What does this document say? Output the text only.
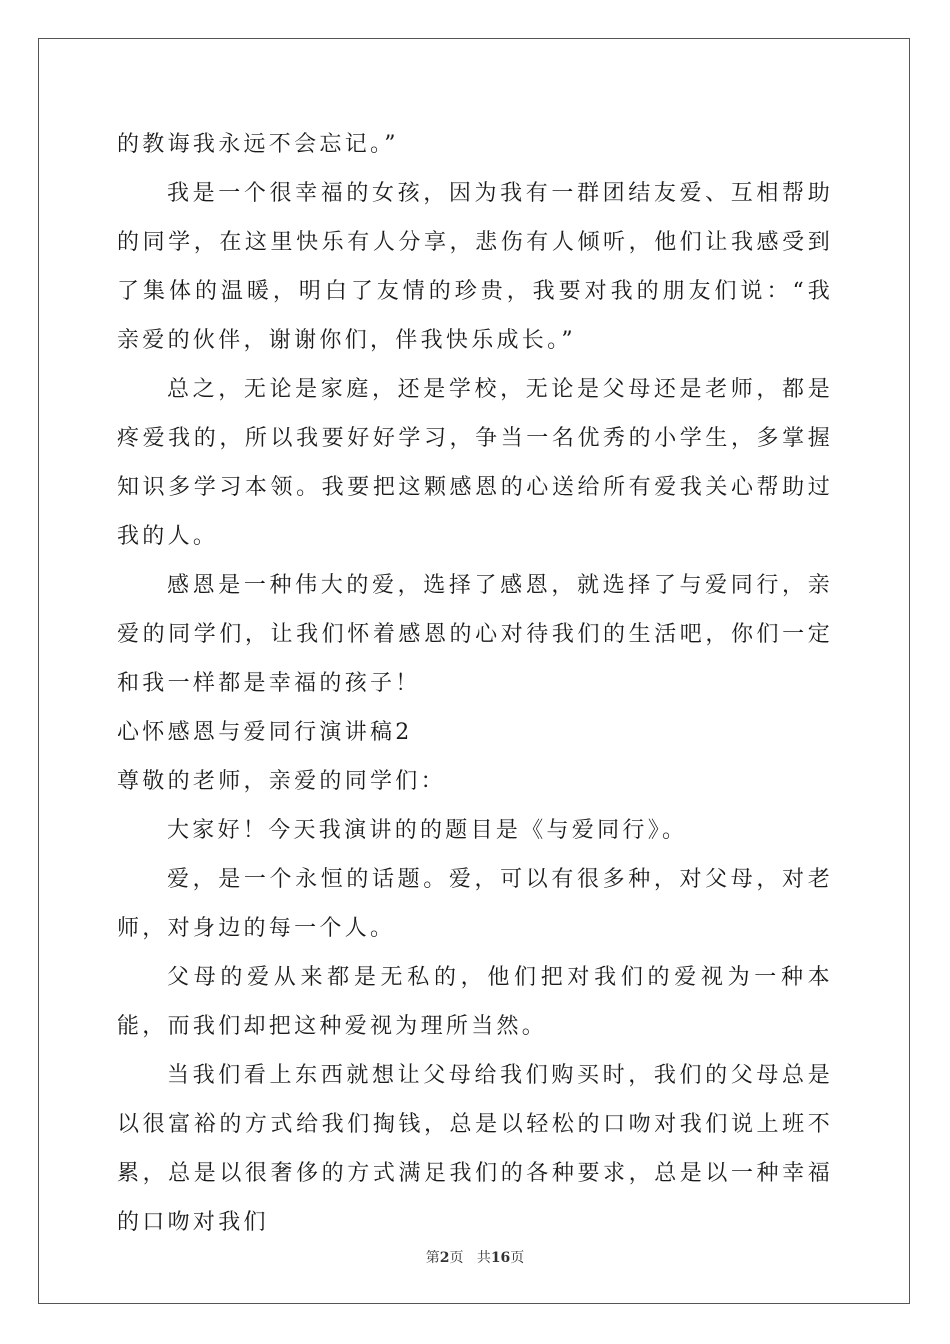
的教诲我永远不会忘记。”

我是一个很幸福的女孩，因为我有一群团结友爱、互相帮助的同学，在这里快乐有人分享，悲伤有人倾听，他们让我感受到了集体的温暖，明白了友情的珍贵，我要对我的朋友们说：“我亲爱的伙伴，谢谢你们，伴我快乐成长。”

总之，无论是家庭，还是学校，无论是父母还是老师，都是疼爱我的，所以我要好好学习，争当一名优秀的小学生，多掌握知识多学习本领。我要把这颗感恩的心送给所有爱我关心帮助过我的人。

感恩是一种伟大的爱，选择了感恩，就选择了与爱同行，亲爱的同学们，让我们怀着感恩的心对待我们的生活吧，你们一定和我一样都是幸福的孩子！

心怀感恩与爱同行演讲稿2

尊敬的老师，亲爱的同学们：

大家好！今天我演讲的的题目是《与爱同行》。

爱，是一个永恒的话题。爱，可以有很多种，对父母，对老师，对身边的每一个人。

父母的爱从来都是无私的，他们把对我们的爱视为一种本能，而我们却把这种爱视为理所当然。

当我们看上东西就想让父母给我们购买时，我们的父母总是以很富裕的方式给我们掏钱，总是以轻松的口吻对我们说上班不累，总是以很奢侈的方式满足我们的各种要求，总是以一种幸福的口吻对我们

第2页 共16页
